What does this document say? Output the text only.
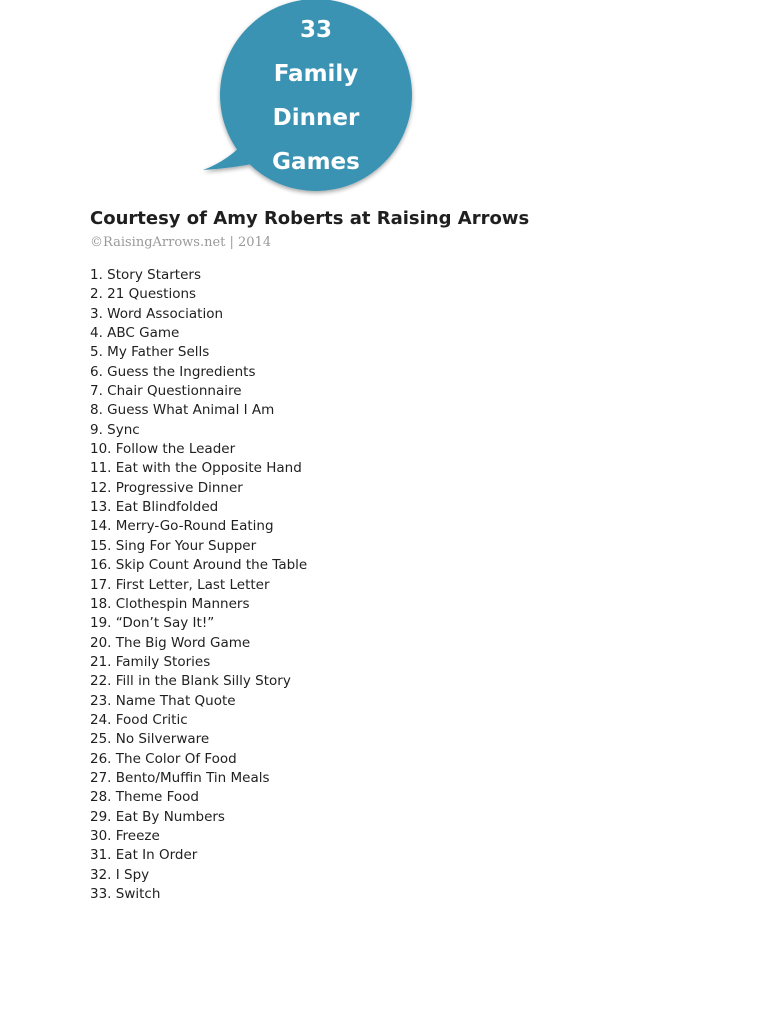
33
Family
Dinner
Games
Courtesy of Amy Roberts at Raising Arrows

©RaisingArrows.net | 2014

1. Story Starters
2. 21 Questions
3. Word Association
4. ABC Game
5. My Father Sells
6. Guess the Ingredients
7. Chair Questionnaire
8. Guess What Animal I Am
9. Sync
10. Follow the Leader
11. Eat with the Opposite Hand
12. Progressive Dinner
13. Eat Blindfolded
14. Merry-Go-Round Eating
15. Sing For Your Supper
16. Skip Count Around the Table
17. First Letter, Last Letter
18. Clothespin Manners
19. “Don’t Say It!”
20. The Big Word Game
21. Family Stories
22. Fill in the Blank Silly Story
23. Name That Quote
24. Food Critic
25. No Silverware
26. The Color Of Food
27. Bento/Muffin Tin Meals
28. Theme Food
29. Eat By Numbers
30. Freeze
31. Eat In Order
32. I Spy
33. Switch
